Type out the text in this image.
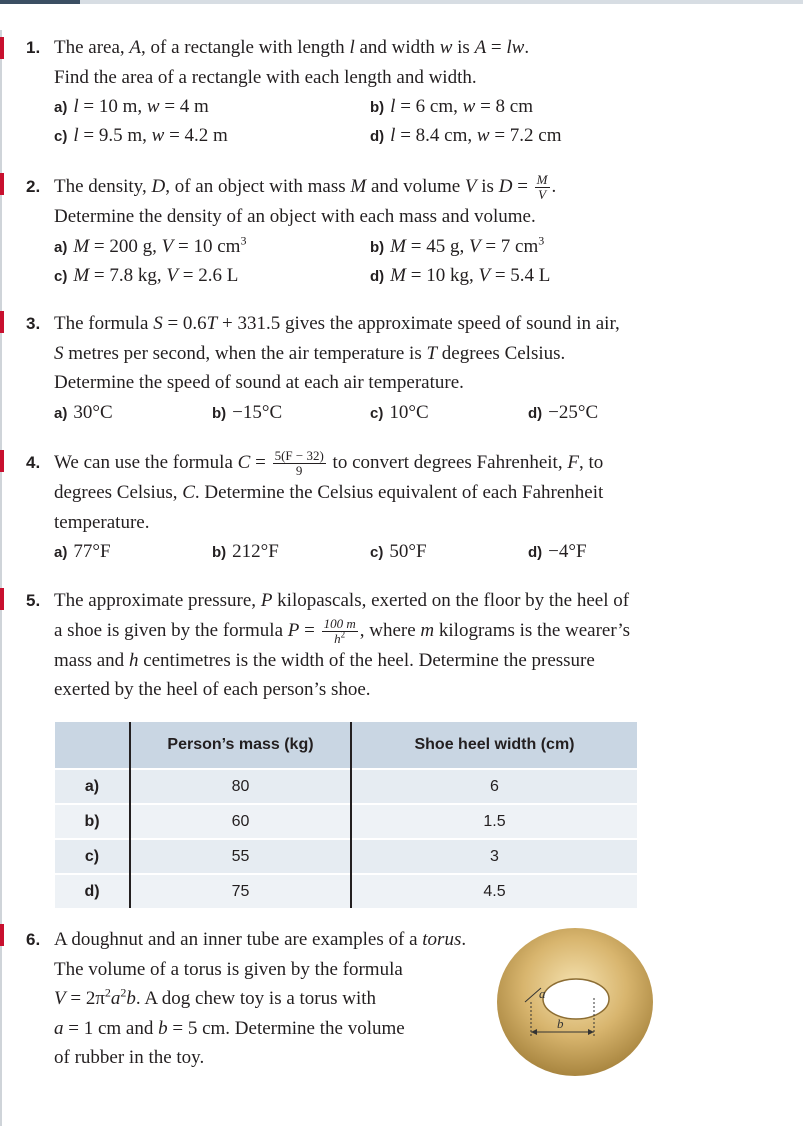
1. The area, A, of a rectangle with length l and width w is A = lw.
Find the area of a rectangle with each length and width.
a) l = 10 m, w = 4 m	b) l = 6 cm, w = 8 cm
c) l = 9.5 m, w = 4.2 m	d) l = 8.4 cm, w = 7.2 cm
2. The density, D, of an object with mass M and volume V is $D = \frac{M}{V}$ .
Determine the density of an object with each mass and volume.
a) M = 200 g, V = 10 $cm^3$	b) M = 45 g, V = 7 $cm^3$
c) M = 7.8 kg, V = 2.6 L	d) M = 10 kg, V = 5.4 L
3. The formula S = 0.6T + 331.5 gives the approximate speed of sound in air,
S metres per second, when the air temperature is T degrees Celsius.
Determine the speed of sound at each air temperature.
a) 30°C	b) −15°C	c) 10°C	d) −25°C
4. We can use the formula $C = \frac{5(F - 32)}{9}$ to convert degrees Fahrenheit, F, to
degrees Celsius, C. Determine the Celsius equivalent of each Fahrenheit
temperature.
a) 77°F	b) 212°F	c) 50°F	d) −4°F
5. The approximate pressure, P kilopascals, exerted on the floor by the heel of
a shoe is given by the formula $P = \frac{100 m}{h^2}$ , where m kilograms is the wearer’s
mass and h centimetres is the width of the heel. Determine the pressure
exerted by the heel of each person’s shoe.
	Person’s mass (kg)	Shoe heel width (cm)
a)	80	6
b)	60	1.5
c)	55	3
d)	75	4.5
6. A doughnut and an inner tube are examples of a torus.
The volume of a torus is given by the formula
$V = 2\pi^2a^2b$. A dog chew toy is a torus with
a = 1 cm and b = 5 cm. Determine the volume
of rubber in the toy.
a
b
